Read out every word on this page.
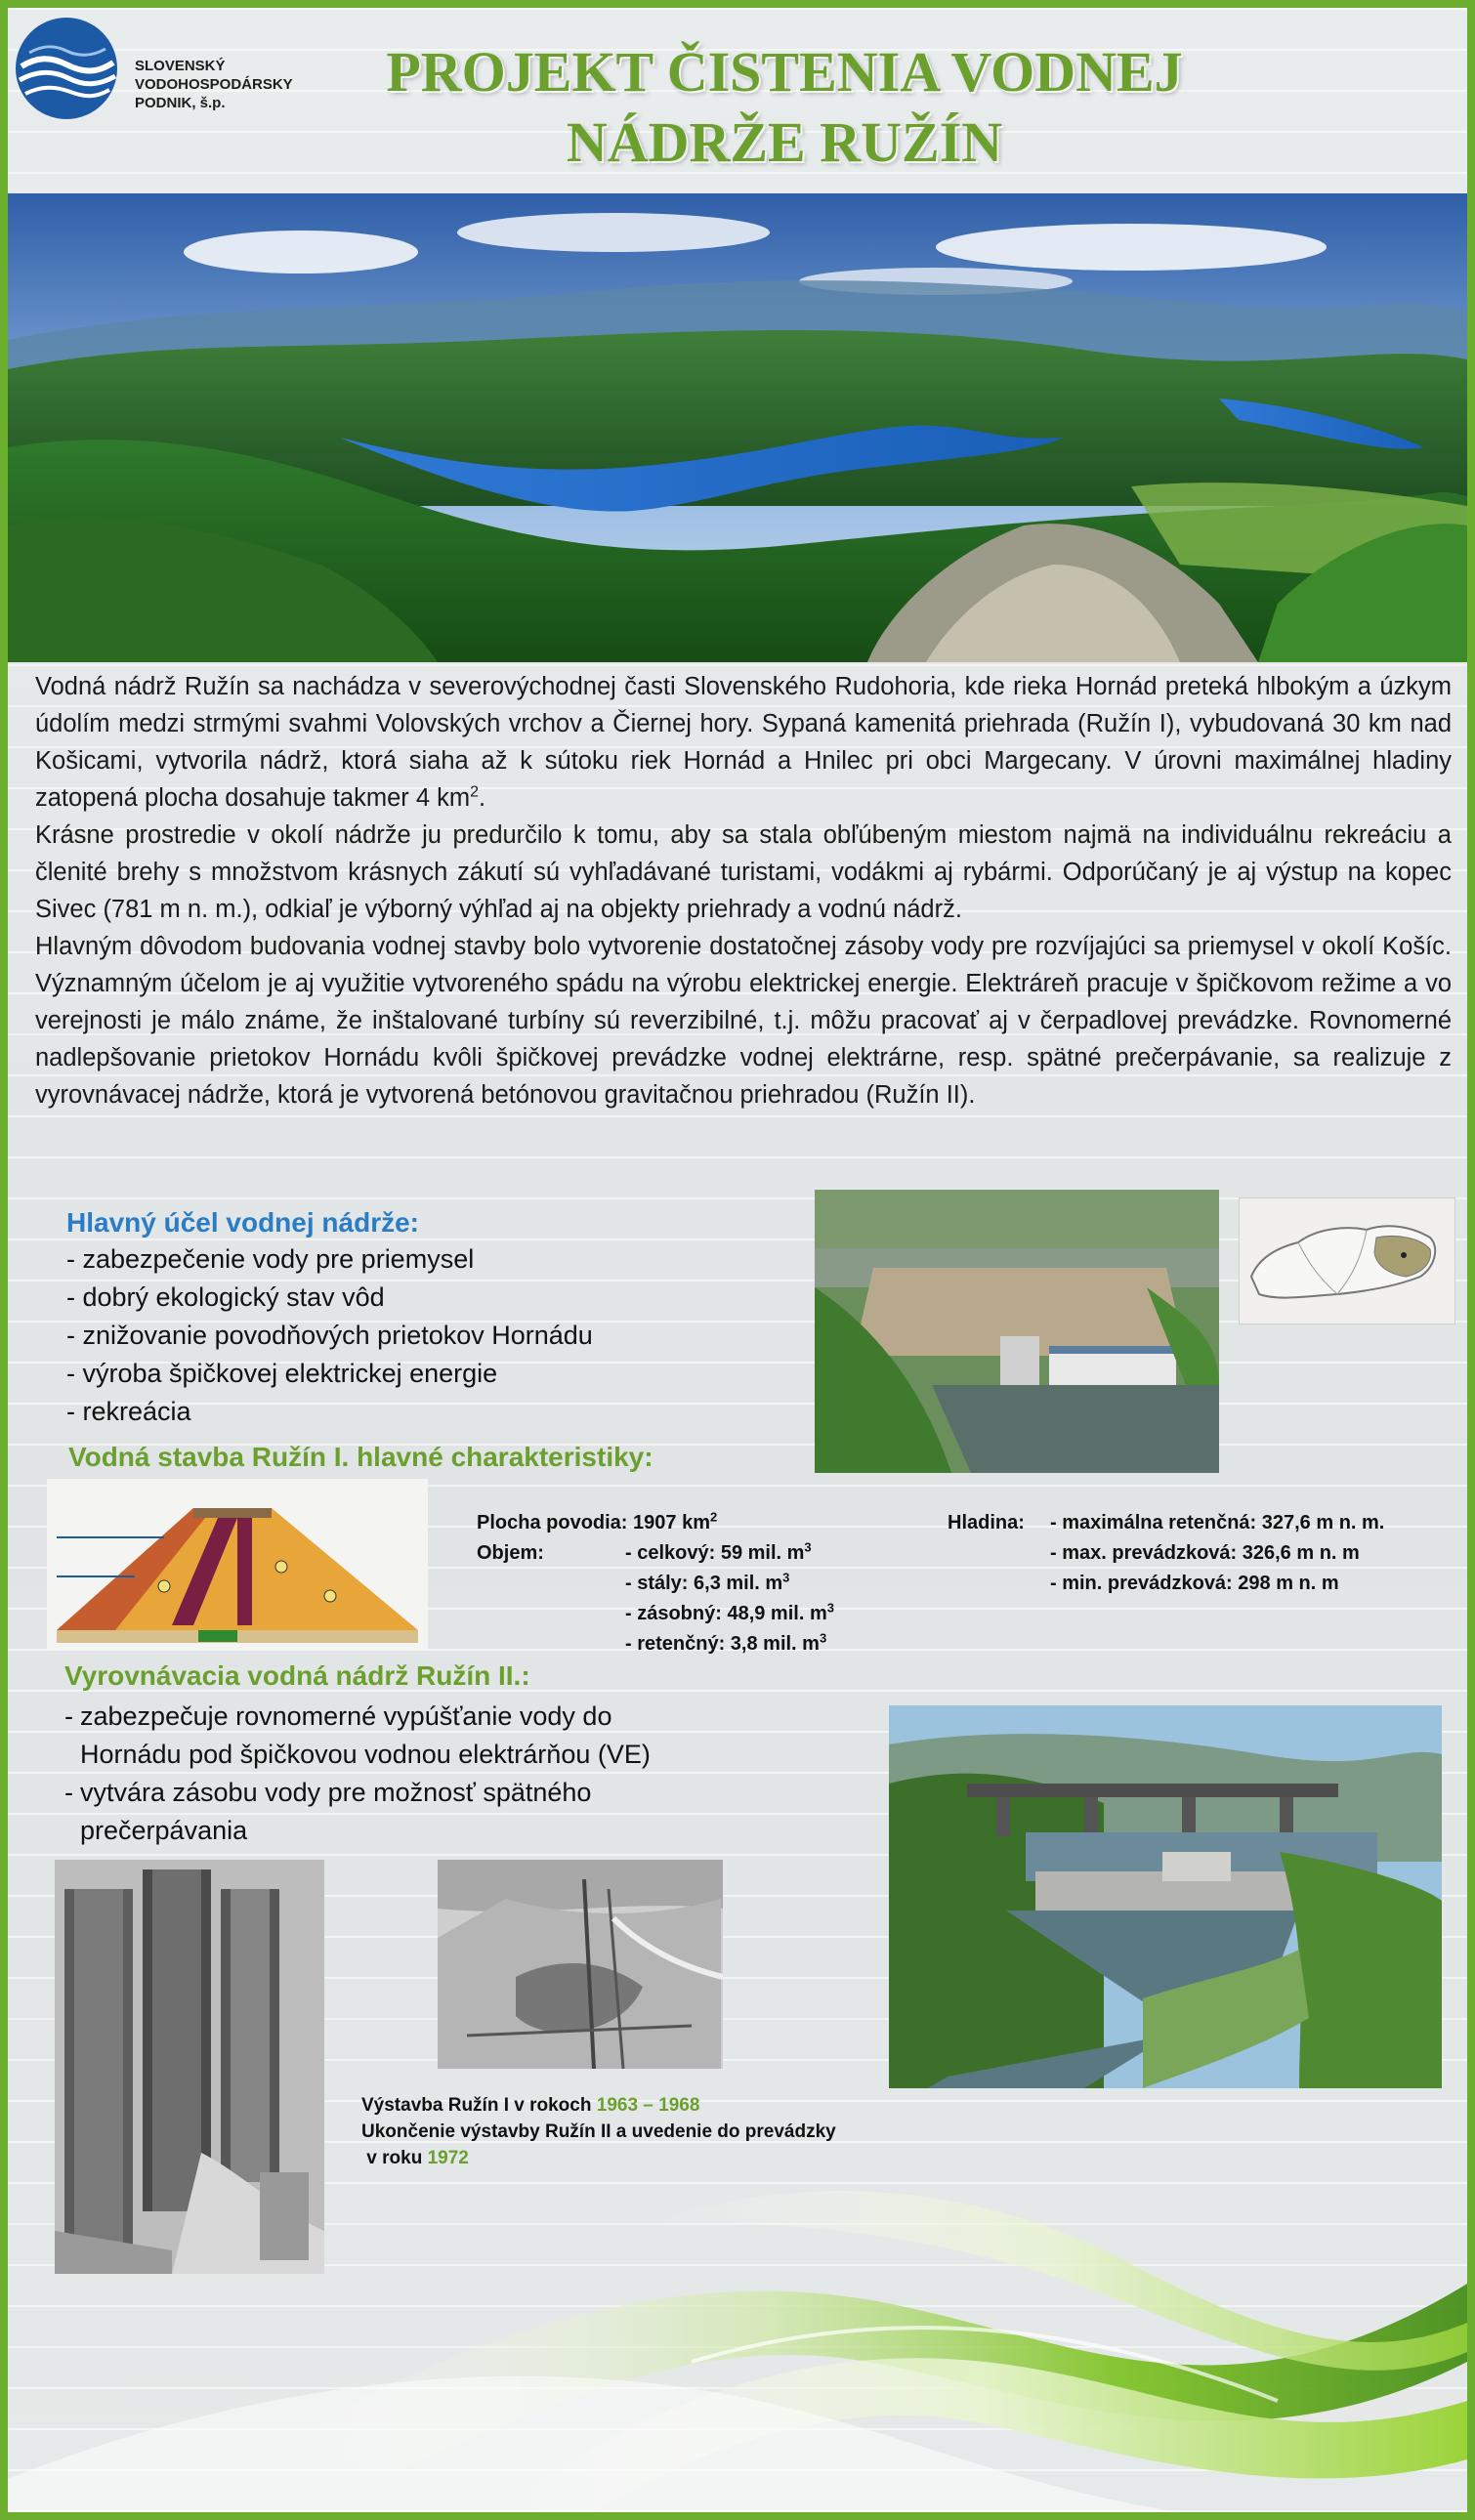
SLOVENSKÝ
VODOHOSPODÁRSKY
PODNIK, š.p.	PROJEKT ČISTENIA VODNEJ
NÁDRŽE RUŽÍN

Vodná nádrž Ružín sa nachádza v severovýchodnej časti Slovenského Rudohoria, kde rieka Hornád preteká hlbokým a úzkym údolím medzi strmými svahmi Volovských vrchov a Čiernej hory. Sypaná kamenitá priehrada (Ružín I), vybudovaná 30 km nad Košicami, vytvorila nádrž, ktorá siaha až k sútoku riek Hornád a Hnilec pri obci Margecany. V úrovni maximálnej hladiny zatopená plocha dosahuje takmer 4 $km^2$.

Krásne prostredie v okolí nádrže ju predurčilo k tomu, aby sa stala obľúbeným miestom najmä na individuálnu rekreáciu a členité brehy s množstvom krásnych zákutí sú vyhľadávané turistami, vodákmi aj rybármi. Odporúčaný je aj výstup na kopec Sivec (781 m n. m.), odkiaľ je výborný výhľad aj na objekty priehrady a vodnú nádrž.

Hlavným dôvodom budovania vodnej stavby bolo vytvorenie dostatočnej zásoby vody pre rozvíjajúci sa priemysel v okolí Košíc. Významným účelom je aj využitie vytvoreného spádu na výrobu elektrickej energie. Elektráreň pracuje v špičkovom režime a vo verejnosti je málo známe, že inštalované turbíny sú reverzibilné, t.j. môžu pracovať aj v čerpadlovej prevádzke. Rovnomerné nadlepšovanie prietokov Hornádu kvôli špičkovej prevádzke vodnej elektrárne, resp. spätné prečerpávanie, sa realizuje z vyrovnávacej nádrže, ktorá je vytvorená betónovou gravitačnou priehradou (Ružín II).

Hlavný účel vodnej nádrže:
- zabezpečenie vody pre priemysel
- dobrý ekologický stav vôd
- znižovanie povodňových prietokov Hornádu
- výroba špičkovej elektrickej energie
- rekreácia
Vodná stavba Ružín I. hlavné charakteristiky:
Plocha povodia: 1907 $km^2$
Objem:	- celkový: 59 mil. $m^3$
- stály: 6,3 mil. $m^3$
- zásobný: 48,9 mil. $m^3$
- retenčný: 3,8 mil. $m^3$
Hladina: - maximálna retenčná: 327,6 m n. m.
- max. prevádzková: 326,6 m n. m
- min. prevádzková: 298 m n. m
Vyrovnávacia vodná nádrž Ružín II.:
- zabezpečuje rovnomerné vypúšťanie vody do
Hornádu pod špičkovou vodnou elektrárňou (VE)
- vytvára zásobu vody pre možnosť spätného
prečerpávania
Výstavba Ružín I v rokoch 1963 – 1968
Ukončenie výstavby Ružín II a uvedenie do prevádzky
v roku 1972
